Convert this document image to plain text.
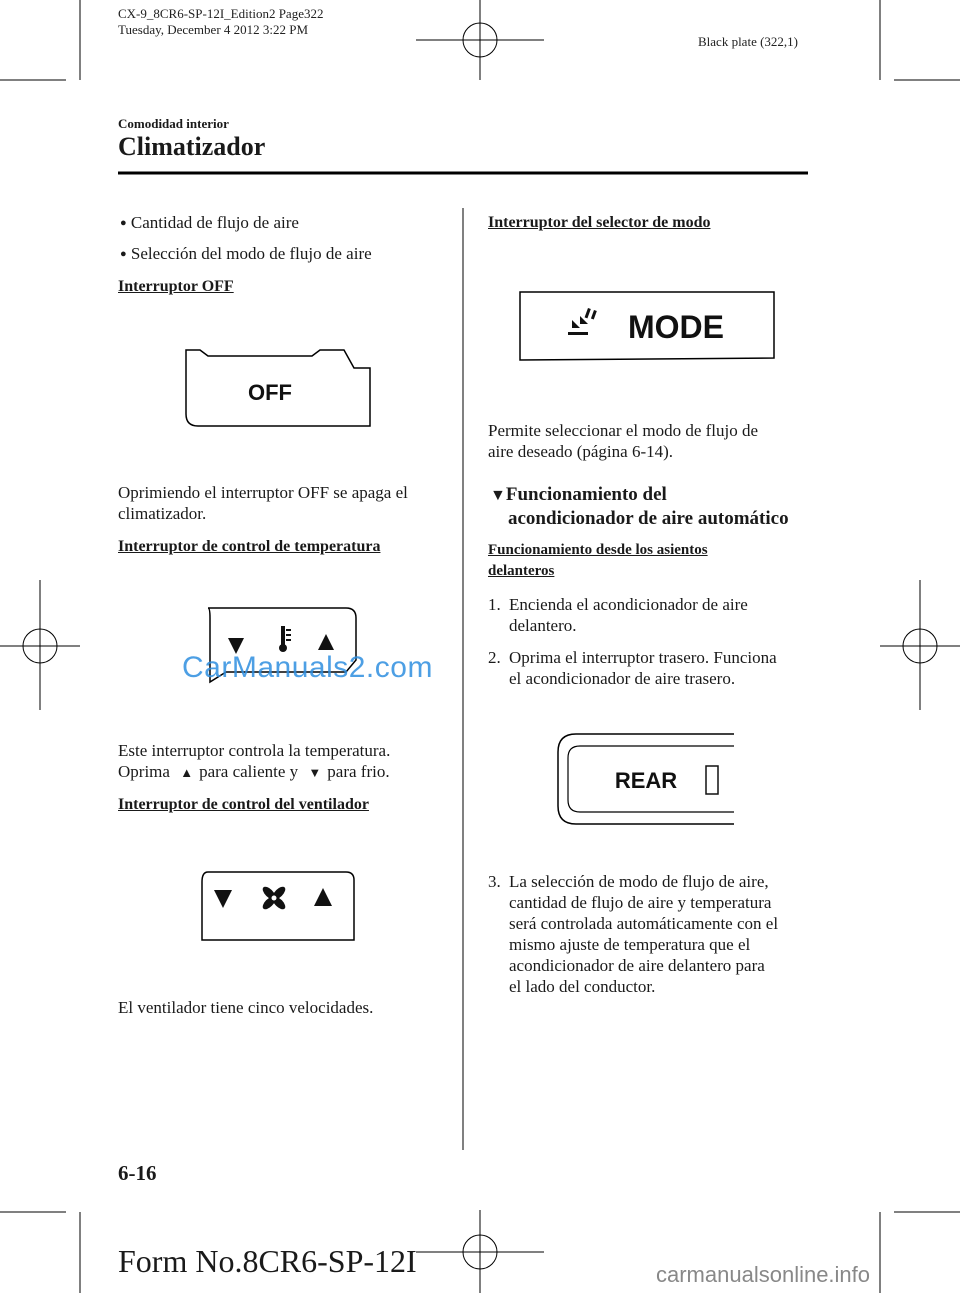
CX-9_8CR6-SP-12I_Edition2 Page322
Tuesday, December 4 2012 3:22 PM
Black plate (322,1)
Comodidad interior
Climatizador
● Cantidad de flujo de aire
● Selección del modo de flujo de aire
Interruptor OFF
OFF
Oprimiendo el interruptor OFF se apaga el
climatizador.
Interruptor de control de temperatura
CarManuals2.com
Este interruptor controla la temperatura.
Oprima ▲ para caliente y ▼ para frio.
Interruptor de control del ventilador
El ventilador tiene cinco velocidades.
Interruptor del selector de modo
MODE
Permite seleccionar el modo de flujo de
aire deseado (página 6-14).
▼Funcionamiento del
acondicionador de aire automático
Funcionamiento desde los asientos
delanteros
1. Encienda el acondicionador de aire
delantero.
2. Oprima el interruptor trasero. Funciona
el acondicionador de aire trasero.
REAR
3. La selección de modo de flujo de aire,
cantidad de flujo de aire y temperatura
será controlada automáticamente con el
mismo ajuste de temperatura que el
acondicionador de aire delantero para
el lado del conductor.
6-16
Form No.8CR6-SP-12I	carmanualsonline.info
